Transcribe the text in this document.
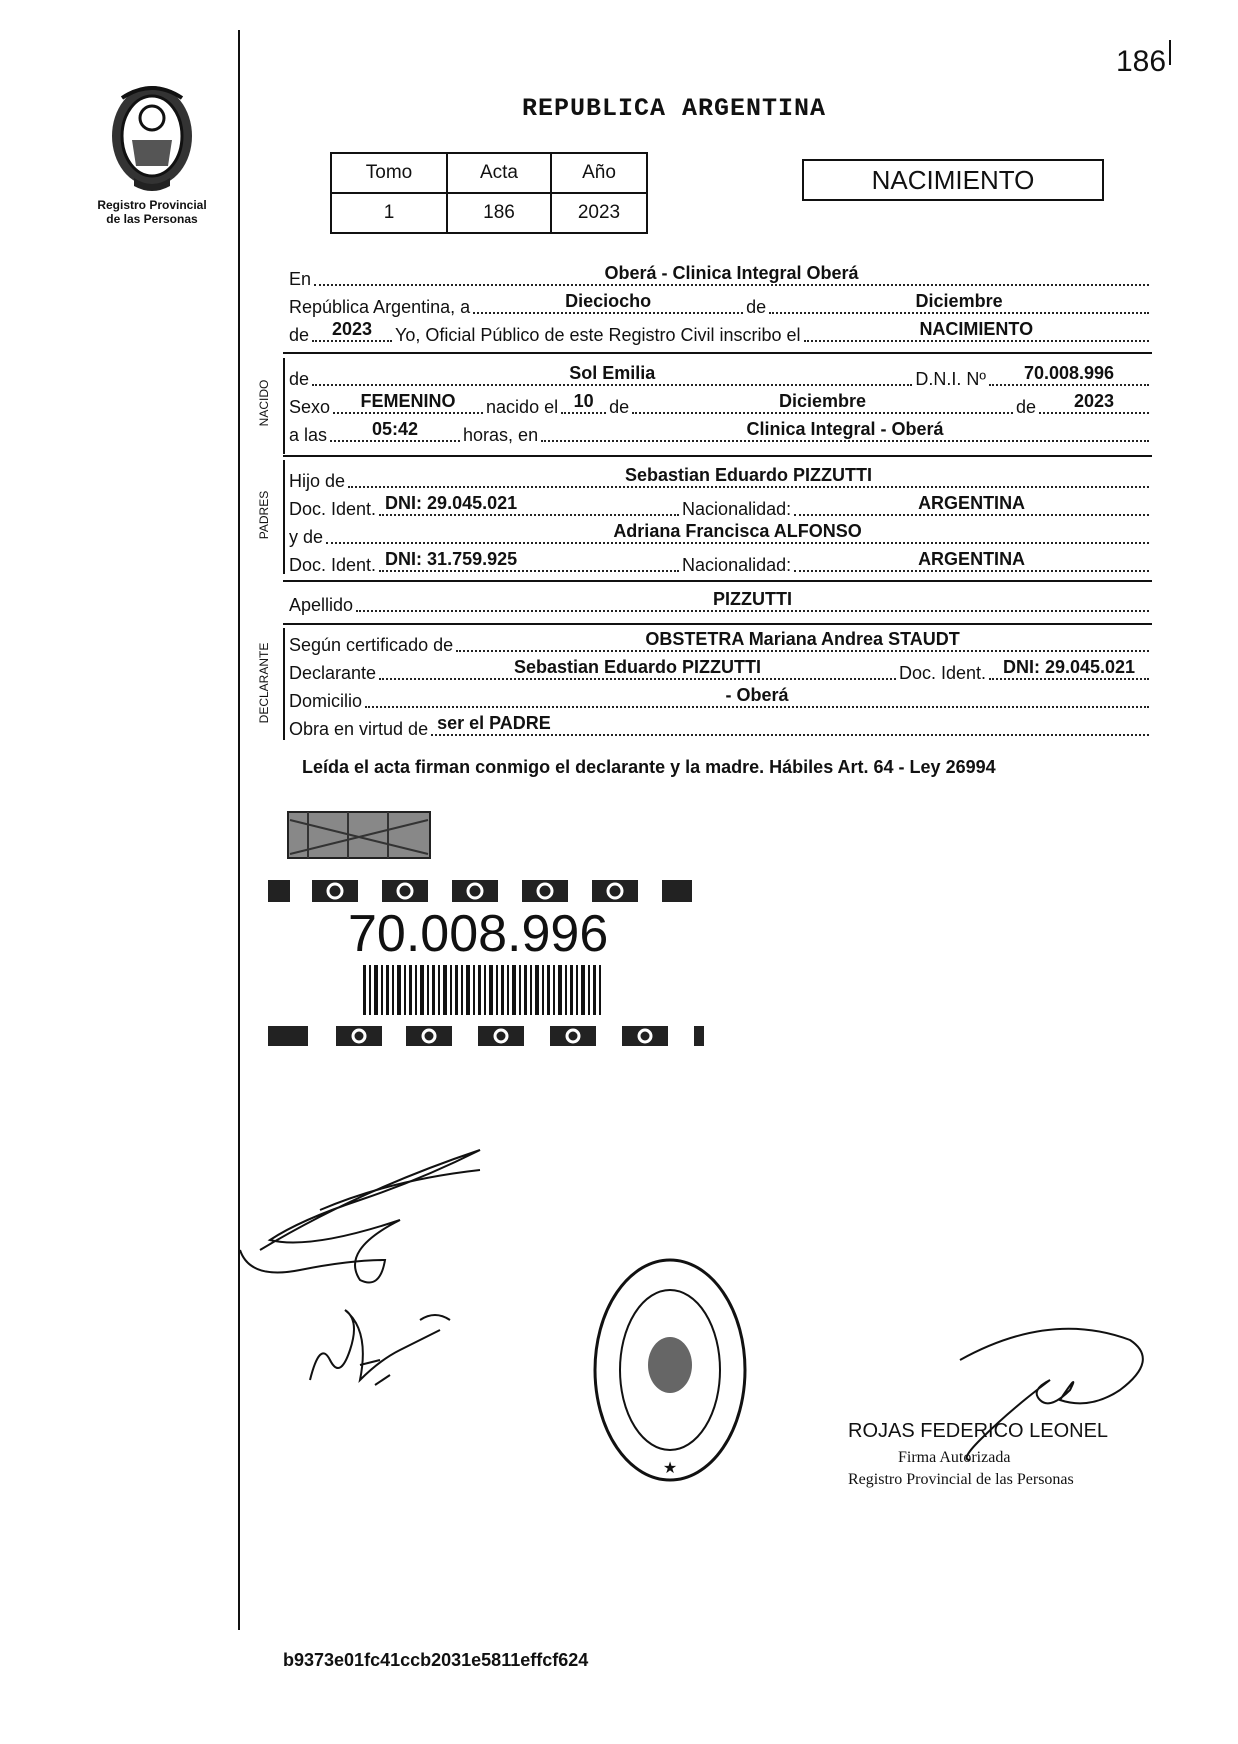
186
Registro Provincial
de las Personas
REPUBLICA ARGENTINA
Tomo	Acta	Año
1	186	2023
NACIMIENTO
En	Oberá - Clinica Integral Oberá
República Argentina, a	Dieciocho	de	Diciembre
de	2023	Yo, Oficial Público de este Registro Civil inscribo el	NACIMIENTO
NACIDO
de	Sol Emilia	D.N.I. Nº	70.008.996
Sexo	FEMENINO	nacido el 10 de	Diciembre	de	2023
a las	05:42	horas, en	Clinica Integral - Oberá
PADRES
Hijo de	Sebastian Eduardo PIZZUTTI
Doc. Ident. DNI: 29.045.021	Nacionalidad:	ARGENTINA
y de	Adriana Francisca ALFONSO
Doc. Ident. DNI: 31.759.925	Nacionalidad:	ARGENTINA
Apellido	PIZZUTTI
DECLARANTE Según certificado de	OBSTETRA Mariana Andrea STAUDT
Declarante	Sebastian Eduardo PIZZUTTI	Doc. Ident. DNI: 29.045.021
Domicilio	- Oberá
Obra en virtud de ser el PADRE
Leída el acta firman conmigo el declarante y la madre. Hábiles Art. 64 - Ley 26994
70.008.996
★
ROJAS FEDERICO LEONEL
Firma Autorizada
Registro Provincial de las Personas
b9373e01fc41ccb2031e5811effcf624
